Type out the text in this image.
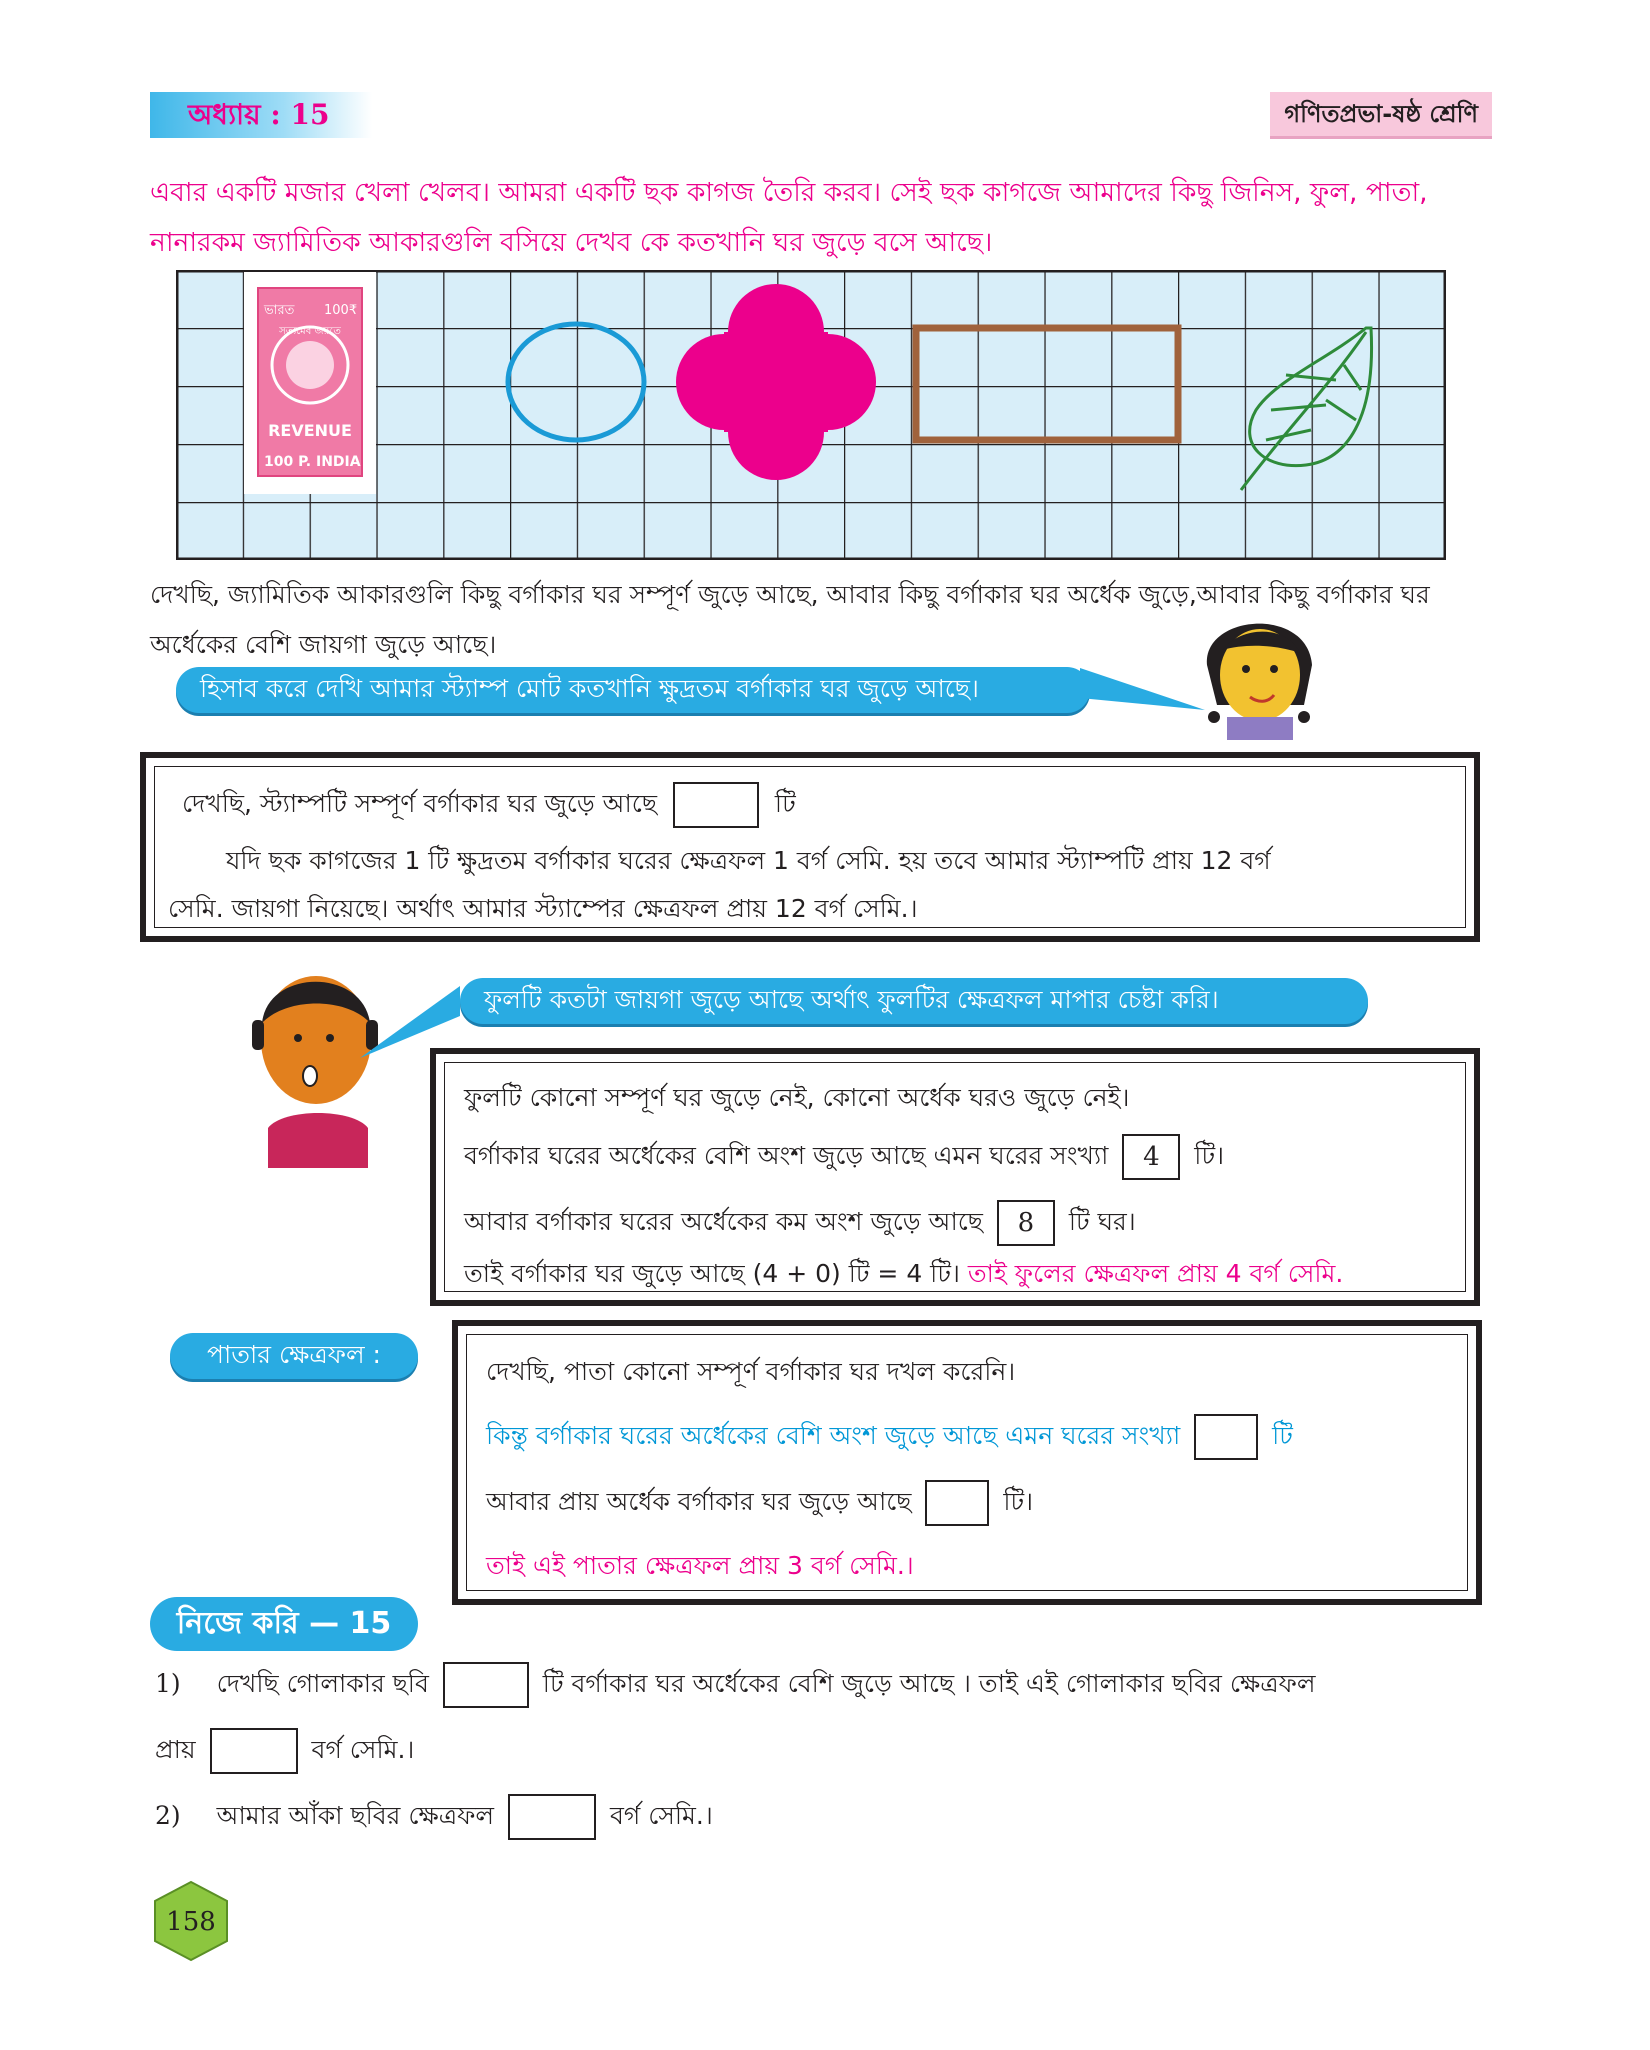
অধ্যায় : 15	গণিতপ্রভা-ষষ্ঠ শ্রেণি
এবার একটি মজার খেলা খেলব। আমরা একটি ছক কাগজ তৈরি করব। সেই ছক কাগজে আমাদের কিছু জিনিস, ফুল, পাতা, নানারকম জ্যামিতিক আকারগুলি বসিয়ে দেখব কে কতখানি ঘর জুড়ে বসে আছে।
ভারত 100₹
সত্যমেব জয়তে
REVENUE
100 P. INDIA
দেখছি, জ্যামিতিক আকারগুলি কিছু বর্গাকার ঘর সম্পূর্ণ জুড়ে আছে, আবার কিছু বর্গাকার ঘর অর্ধেক জুড়ে,আবার কিছু বর্গাকার ঘর অর্ধেকের বেশি জায়গা জুড়ে আছে।
হিসাব করে দেখি আমার স্ট্যাম্প মোট কতখানি ক্ষুদ্রতম বর্গাকার ঘর জুড়ে আছে।
দেখছি, স্ট্যাম্পটি সম্পূর্ণ বর্গাকার ঘর জুড়ে আছে	টি
যদি ছক কাগজের 1 টি ক্ষুদ্রতম বর্গাকার ঘরের ক্ষেত্রফল 1 বর্গ সেমি. হয় তবে আমার স্ট্যাম্পটি প্রায় 12 বর্গ
সেমি. জায়গা নিয়েছে। অর্থাৎ আমার স্ট্যাম্পের ক্ষেত্রফল প্রায় 12 বর্গ সেমি.।
ফুলটি কতটা জায়গা জুড়ে আছে অর্থাৎ ফুলটির ক্ষেত্রফল মাপার চেষ্টা করি।
ফুলটি কোনো সম্পূর্ণ ঘর জুড়ে নেই, কোনো অর্ধেক ঘরও জুড়ে নেই।
বর্গাকার ঘরের অর্ধেকের বেশি অংশ জুড়ে আছে এমন ঘরের সংখ্যা 4 টি।
আবার বর্গাকার ঘরের অর্ধেকের কম অংশ জুড়ে আছে 8 টি ঘর।
তাই বর্গাকার ঘর জুড়ে আছে (4 + 0) টি = 4 টি। তাই ফুলের ক্ষেত্রফল প্রায় 4 বর্গ সেমি.
পাতার ক্ষেত্রফল :
দেখছি, পাতা কোনো সম্পূর্ণ বর্গাকার ঘর দখল করেনি।
কিন্তু বর্গাকার ঘরের অর্ধেকের বেশি অংশ জুড়ে আছে এমন ঘরের সংখ্যা	টি
আবার প্রায় অর্ধেক বর্গাকার ঘর জুড়ে আছে	টি।
তাই এই পাতার ক্ষেত্রফল প্রায় 3 বর্গ সেমি.।
নিজে করি — 15
1) দেখছি গোলাকার ছবি	টি বর্গাকার ঘর অর্ধেকের বেশি জুড়ে আছে । তাই এই গোলাকার ছবির ক্ষেত্রফল
প্রায়	বর্গ সেমি.।
2) আমার আঁকা ছবির ক্ষেত্রফল	বর্গ সেমি.।
158
